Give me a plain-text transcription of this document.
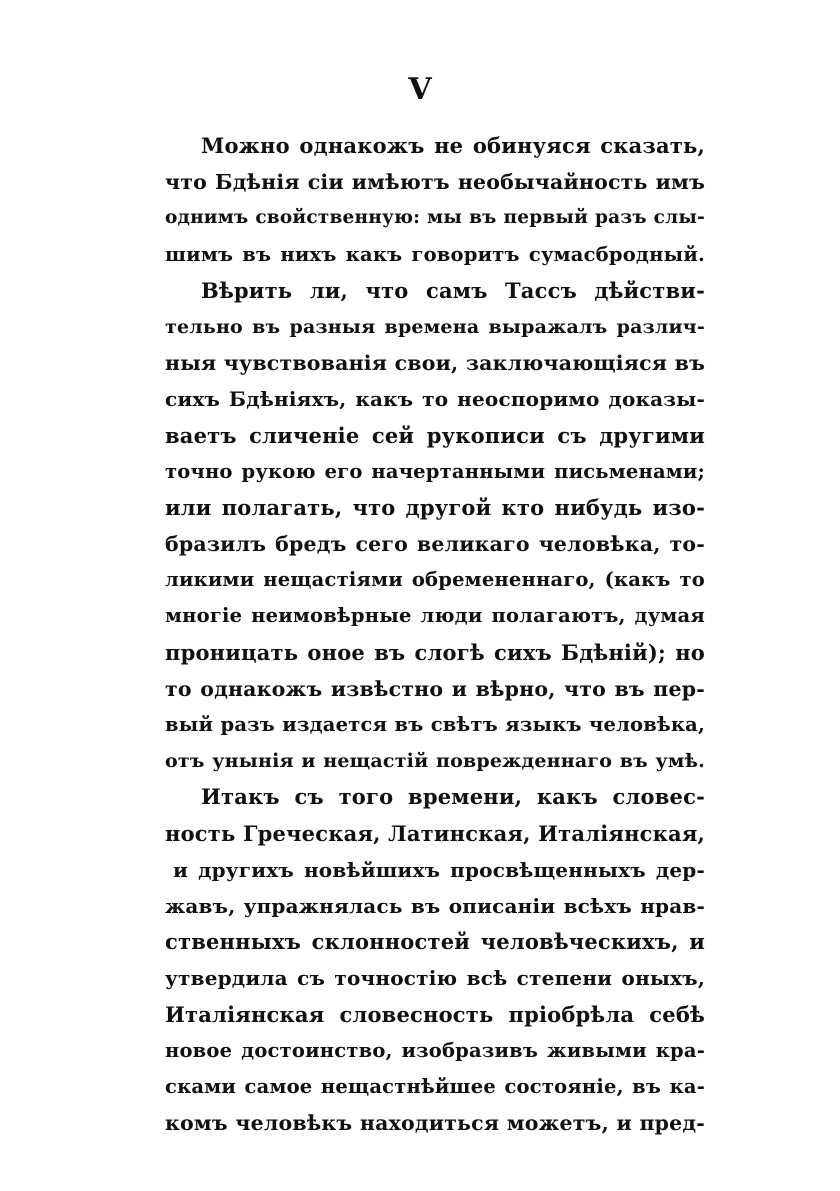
V
Можно однакожъ не обинуяся сказать,
что Бдѣнія сіи имѣютъ необычайность имъ
однимъ свойственную: мы въ первый разъ слы-
шимъ въ нихъ какъ говоритъ сумасбродный.
Вѣрить ли, что самъ Тассъ дѣйстви-
тельно въ разныя времена выражалъ различ-
ныя чувствованія свои, заключающіяся въ
сихъ Бдѣніяхъ, какъ то неоспоримо доказы-
ваетъ сличеніе сей рукописи съ другими
точно рукою его начертанными письменами;
или полагать, что другой кто нибудь изо-
бразилъ бредъ сего великаго человѣка, то-
ликими нещастіями обремененнаго, (какъ то
многіе неимовѣрные люди полагаютъ, думая
проницать оное въ слогѣ сихъ Бдѣній); но
то однакожъ извѣстно и вѣрно, что въ пер-
вый разъ издается въ свѣтъ языкъ человѣка,
отъ унынія и нещастій поврежденнаго въ умѣ.
Итакъ съ того времени, какъ словес-
ность Греческая, Латинская, Италіянская,
и другихъ новѣйшихъ просвѣщенныхъ дер-
жавъ, упражнялась въ описаніи всѣхъ нрав-
ственныхъ склонностей человѣческихъ, и
утвердила съ точностію всѣ степени оныхъ,
Италіянская словесность пріобрѣла себѣ
новое достоинство, изобразивъ живыми кра-
сками самое нещастнѣйшее состояніе, въ ка-
комъ человѣкъ находиться можетъ, и пред-
